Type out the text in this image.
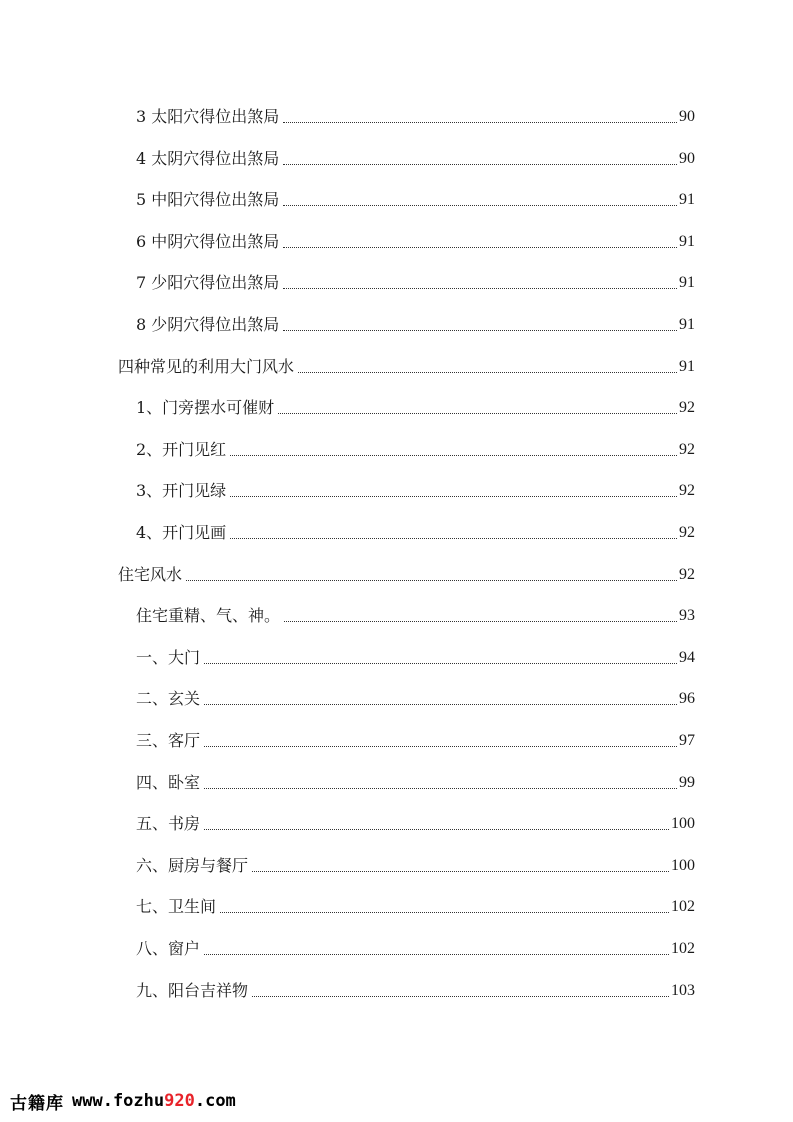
3 太阳穴得位出煞局	90
4 太阴穴得位出煞局	90
5 中阳穴得位出煞局	91
6 中阴穴得位出煞局	91
7 少阳穴得位出煞局	91
8 少阴穴得位出煞局	91
四种常见的利用大门风水	91
1、门旁摆水可催财	92
2、开门见红	92
3、开门见绿	92
4、开门见画	92
住宅风水	92
住宅重精、气、神。	93
一、大门	94
二、玄关	96
三、客厅	97
四、卧室	99
五、书房	100
六、厨房与餐厅	100
七、卫生间	102
八、窗户	102
九、阳台吉祥物	103
古籍库 www.fozhu 920 .com
